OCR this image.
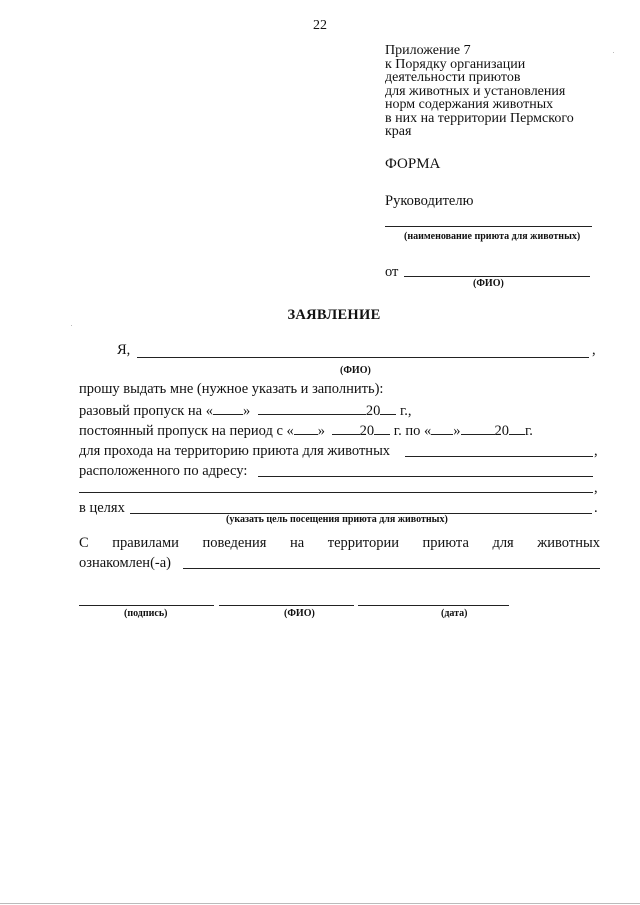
22
Приложение 7
к Порядку организации
деятельности приютов
для животных и установления
норм содержания животных
в них на территории Пермского
края
ФОРМА
Руководителю
(наименование приюта для животных)
от
(ФИО)
ЗАЯВЛЕНИЕ
Я,	,
(ФИО)
прошу выдать мне (нужное указать и заполнить):
разовый пропуск на « »	20 г.,
постоянный пропуск на период с « » 20 г. по « » 20 г.
для прохода на территорию приюта для животных	,
расположенного по адресу:
,
в целях	.
(указать цель посещения приюта для животных)
С правилами поведения на территории приюта для животных
ознакомлен(-а)
(подпись)	(ФИО)	(дата)
